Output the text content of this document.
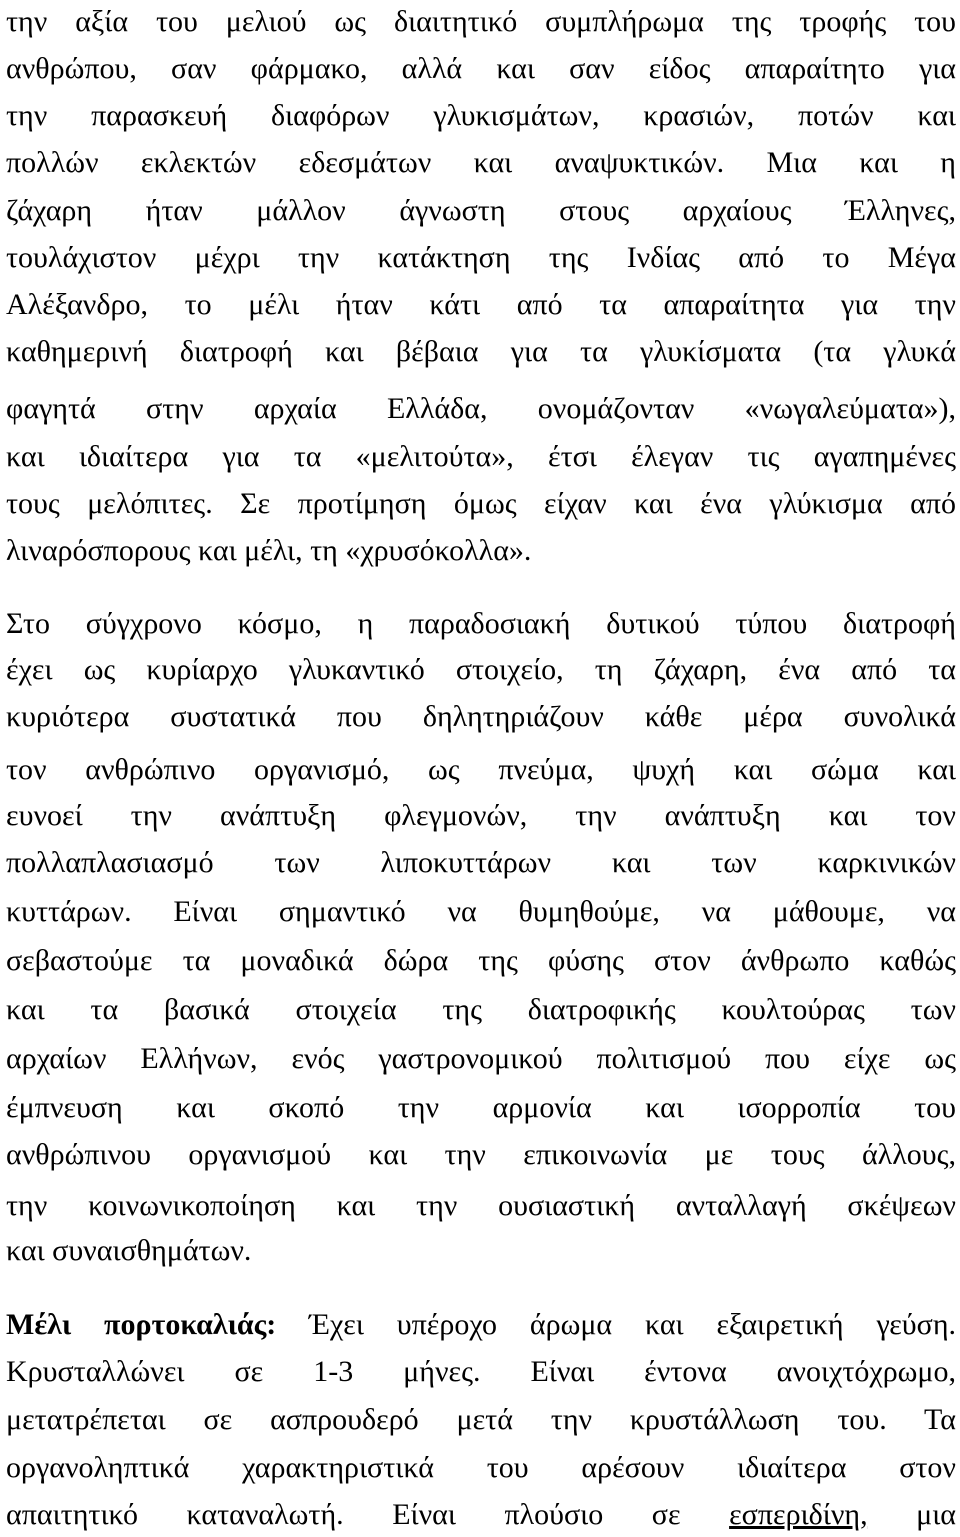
την αξία του μελιού ως διαιτητικό συμπλήρωμα της τροφής του
ανθρώπου, σαν φάρμακο, αλλά και σαν είδος απαραίτητο για
την παρασκευή διαφόρων γλυκισμάτων, κρασιών, ποτών και
πολλών εκλεκτών εδεσμάτων και αναψυκτικών. Μια και η
ζάχαρη ήταν μάλλον άγνωστη στους αρχαίους Έλληνες,
τουλάχιστον μέχρι την κατάκτηση της Ινδίας από το Μέγα
Αλέξανδρο, το μέλι ήταν κάτι από τα απαραίτητα για την
καθημερινή διατροφή και βέβαια για τα γλυκίσματα (τα γλυκά
φαγητά στην αρχαία Ελλάδα, ονομάζονταν «νωγαλεύματα»),
και ιδιαίτερα για τα «μελιτούτα», έτσι έλεγαν τις αγαπημένες
τους μελόπιτες. Σε προτίμηση όμως είχαν και ένα γλύκισμα από
λιναρόσπορους και μέλι, τη «χρυσόκολλα».
Στο σύγχρονο κόσμο, η παραδοσιακή δυτικού τύπου διατροφή
έχει ως κυρίαρχο γλυκαντικό στοιχείο, τη ζάχαρη, ένα από τα
κυριότερα συστατικά που δηλητηριάζουν κάθε μέρα συνολικά
τον ανθρώπινο οργανισμό, ως πνεύμα, ψυχή και σώμα και
ευνοεί την ανάπτυξη φλεγμονών, την ανάπτυξη και τον
πολλαπλασιασμό των λιποκυττάρων και των καρκινικών
κυττάρων. Είναι σημαντικό να θυμηθούμε, να μάθουμε, να
σεβαστούμε τα μοναδικά δώρα της φύσης στον άνθρωπο καθώς
και τα βασικά στοιχεία της διατροφικής κουλτούρας των
αρχαίων Ελλήνων, ενός γαστρονομικού πολιτισμού που είχε ως
έμπνευση και σκοπό την αρμονία και ισορροπία του
ανθρώπινου οργανισμού και την επικοινωνία με τους άλλους,
την κοινωνικοποίηση και την ουσιαστική ανταλλαγή σκέψεων
και συναισθημάτων.
Μέλι πορτοκαλιάς: Έχει υπέροχο άρωμα και εξαιρετική γεύση.
Κρυσταλλώνει σε 1-3 μήνες. Είναι έντονα ανοιχτόχρωμο,
μετατρέπεται σε ασπρουδερό μετά την κρυστάλλωση του. Τα
οργανοληπτικά χαρακτηριστικά του αρέσουν ιδιαίτερα στον
απαιτητικό καταναλωτή. Είναι πλούσιο σε εσπεριδίνη, μια
